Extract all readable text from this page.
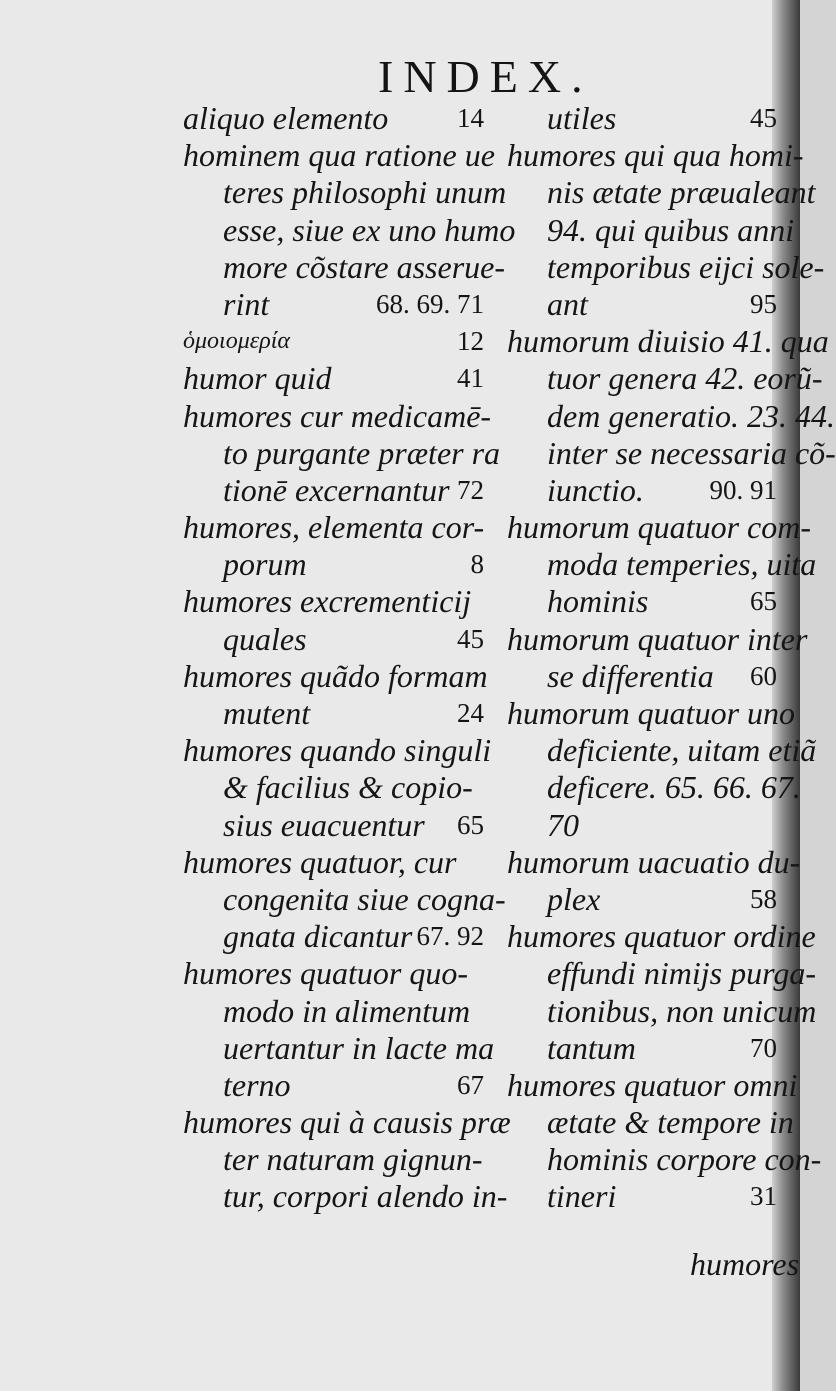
INDEX.
aliquo elemento	14
hominem qua ratione ue
teres philosophi unum
esse, siue ex uno humo
more cõstare asserue-
rint	68. 69. 71
ὁμοιομερία	12
humor quid	41
humores cur medicamē-
to purgante præter ra
tionē excernantur 72
humores, elementa cor-
porum	8
humores excrementicij
quales	45
humores quãdo formam
mutent	24
humores quando singuli
& facilius & copio-
sius euacuentur 65
humores quatuor, cur
congenita siue cogna-
gnata dicantur 67. 92
humores quatuor quo-
modo in alimentum
uertantur in lacte ma
terno	67
humores qui à causis præ
ter naturam gignun-
tur, corpori alendo in-
utiles	45
humores qui qua homi-
nis ætate præualeant
94. qui quibus anni
temporibus eijci sole-
ant	95
humorum diuisio 41. qua
tuor genera 42. eorũ-
dem generatio. 23. 44.
inter se necessaria cõ-
iunctio. 90. 91
humorum quatuor com-
moda temperies, uita
hominis	65
humorum quatuor inter
se differentia 60
humorum quatuor uno
deficiente, uitam etiã
deficere. 65. 66. 67.
70
humorum uacuatio du-
plex	58
humores quatuor ordine
effundi nimijs purga-
tionibus, non unicum
tantum	70
humores quatuor omni
ætate & tempore in
hominis corpore con-
tineri	31
humores
